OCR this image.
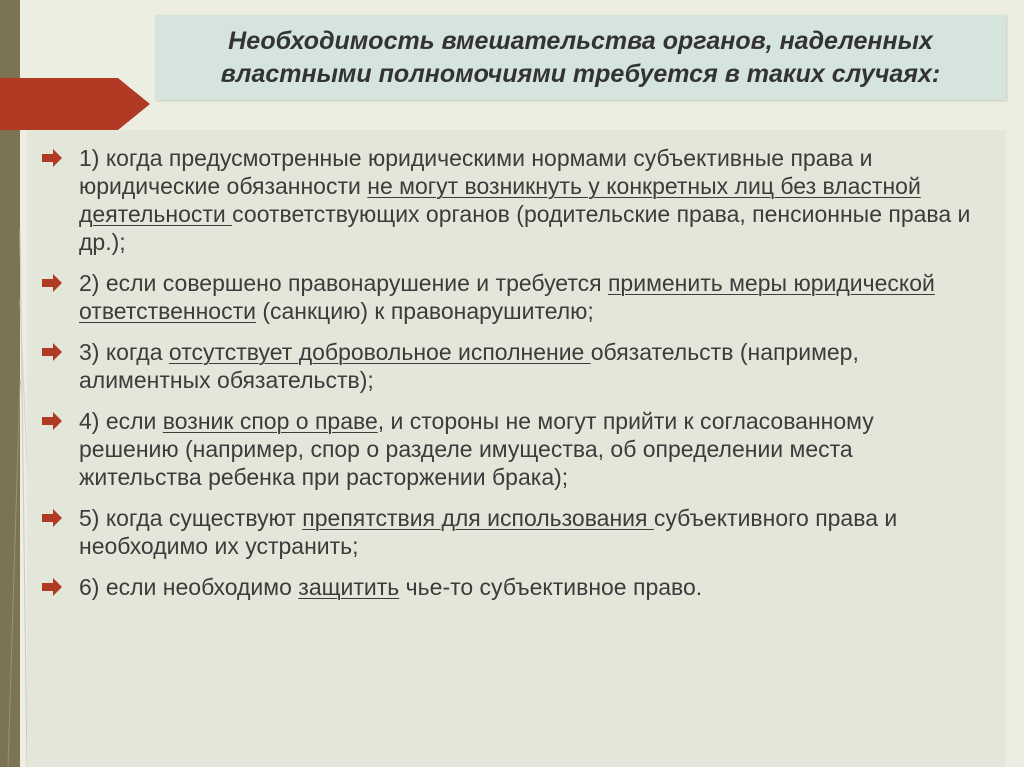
Необходимость вмешательства органов, наделенных
властными полномочиями требуется в таких случаях:
1) когда предусмотренные юридическими нормами субъективные права и юридические обязанности не могут возникнуть у конкретных лиц без властной деятельности соответствующих органов (родительские права, пенсионные права и др.);
2) если совершено правонарушение и требуется применить меры юридической ответственности (санкцию) к правонарушителю;
3) когда отсутствует добровольное исполнение обязательств (например, алиментных обязательств);
4) если возник спор о праве, и стороны не могут прийти к согласованному решению (например, спор о разделе имущества, об определении места жительства ребенка при расторжении брака);
5) когда существуют препятствия для использования субъективного права и необходимо их устранить;
6) если необходимо защитить чье-то субъективное право.
